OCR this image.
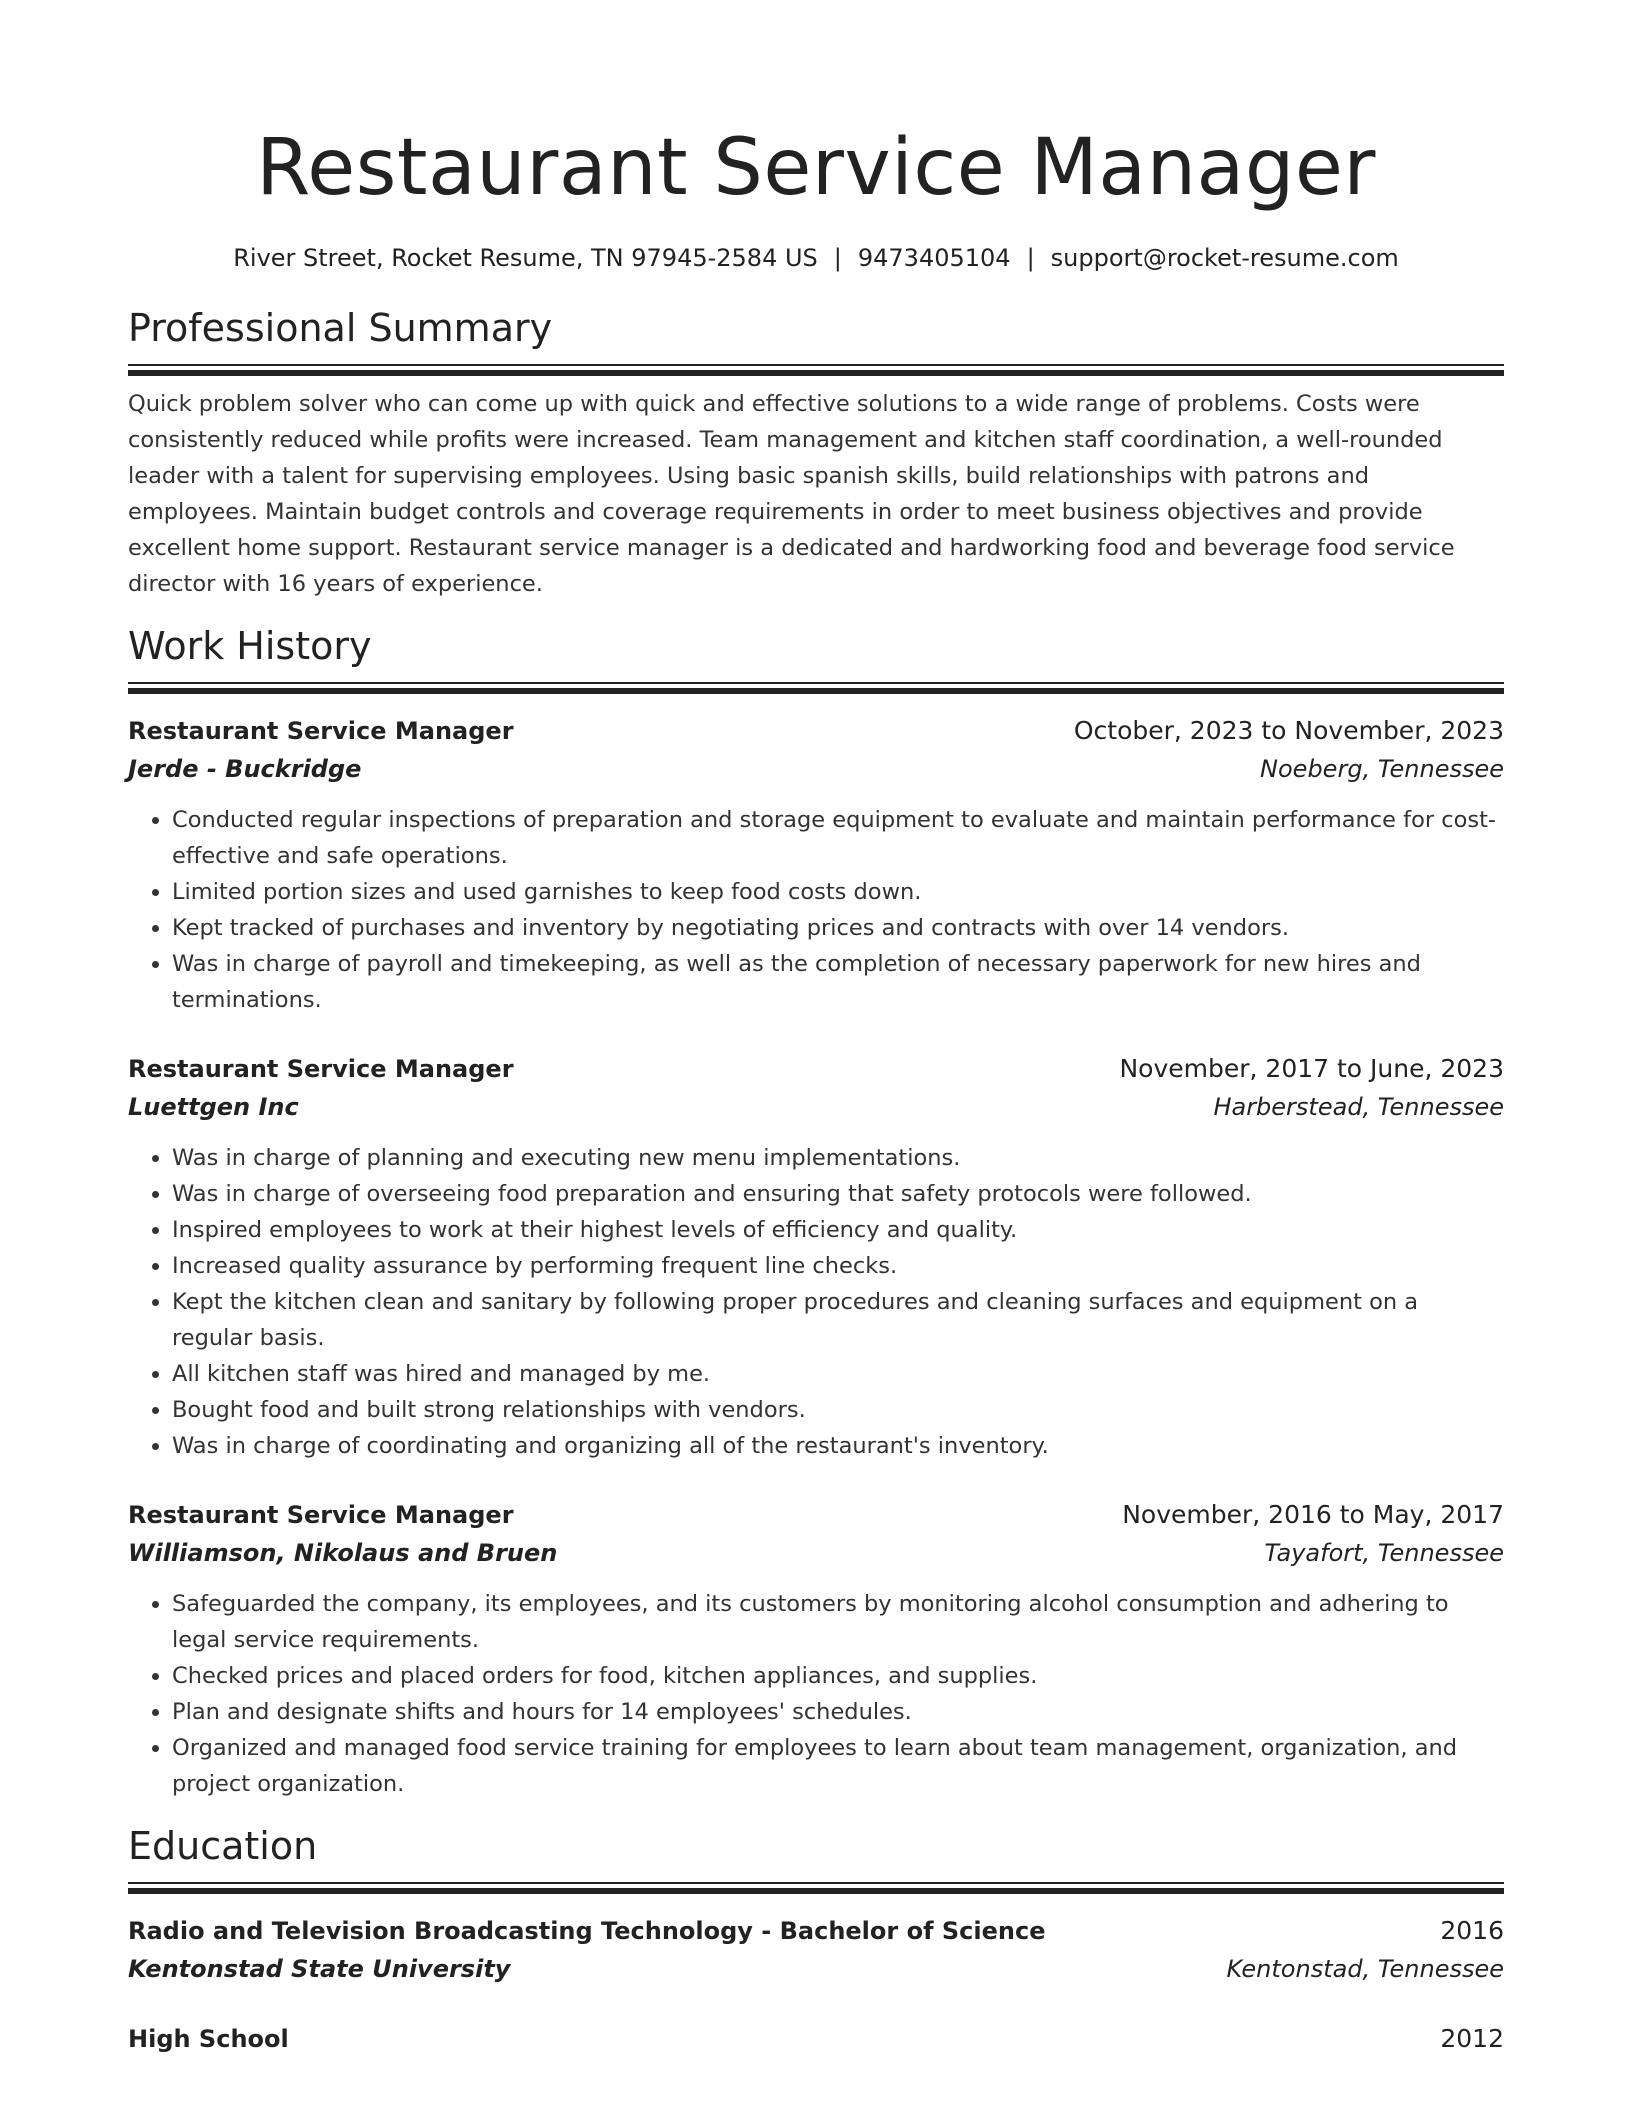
Restaurant Service Manager
River Street, Rocket Resume, TN 97945-2584 US | 9473405104 | support@rocket-resume.com
Professional Summary
Quick problem solver who can come up with quick and effective solutions to a wide range of problems. Costs were consistently reduced while profits were increased. Team management and kitchen staff coordination, a well-rounded leader with a talent for supervising employees. Using basic spanish skills, build relationships with patrons and employees. Maintain budget controls and coverage requirements in order to meet business objectives and provide excellent home support. Restaurant service manager is a dedicated and hardworking food and beverage food service director with 16 years of experience.
Work History
Restaurant Service Manager	October, 2023 to November, 2023
Jerde - Buckridge	Noeberg, Tennessee
• Conducted regular inspections of preparation and storage equipment to evaluate and maintain performance for cost-effective and safe operations.
• Limited portion sizes and used garnishes to keep food costs down.
• Kept tracked of purchases and inventory by negotiating prices and contracts with over 14 vendors.
• Was in charge of payroll and timekeeping, as well as the completion of necessary paperwork for new hires and terminations.
Restaurant Service Manager	November, 2017 to June, 2023
Luettgen Inc	Harberstead, Tennessee
• Was in charge of planning and executing new menu implementations.
• Was in charge of overseeing food preparation and ensuring that safety protocols were followed.
• Inspired employees to work at their highest levels of efficiency and quality.
• Increased quality assurance by performing frequent line checks.
• Kept the kitchen clean and sanitary by following proper procedures and cleaning surfaces and equipment on a regular basis.
• All kitchen staff was hired and managed by me.
• Bought food and built strong relationships with vendors.
• Was in charge of coordinating and organizing all of the restaurant's inventory.
Restaurant Service Manager	November, 2016 to May, 2017
Williamson, Nikolaus and Bruen	Tayafort, Tennessee
• Safeguarded the company, its employees, and its customers by monitoring alcohol consumption and adhering to legal service requirements.
• Checked prices and placed orders for food, kitchen appliances, and supplies.
• Plan and designate shifts and hours for 14 employees' schedules.
• Organized and managed food service training for employees to learn about team management, organization, and project organization.
Education
Radio and Television Broadcasting Technology - Bachelor of Science	2016
Kentonstad State University	Kentonstad, Tennessee
High School	2012
